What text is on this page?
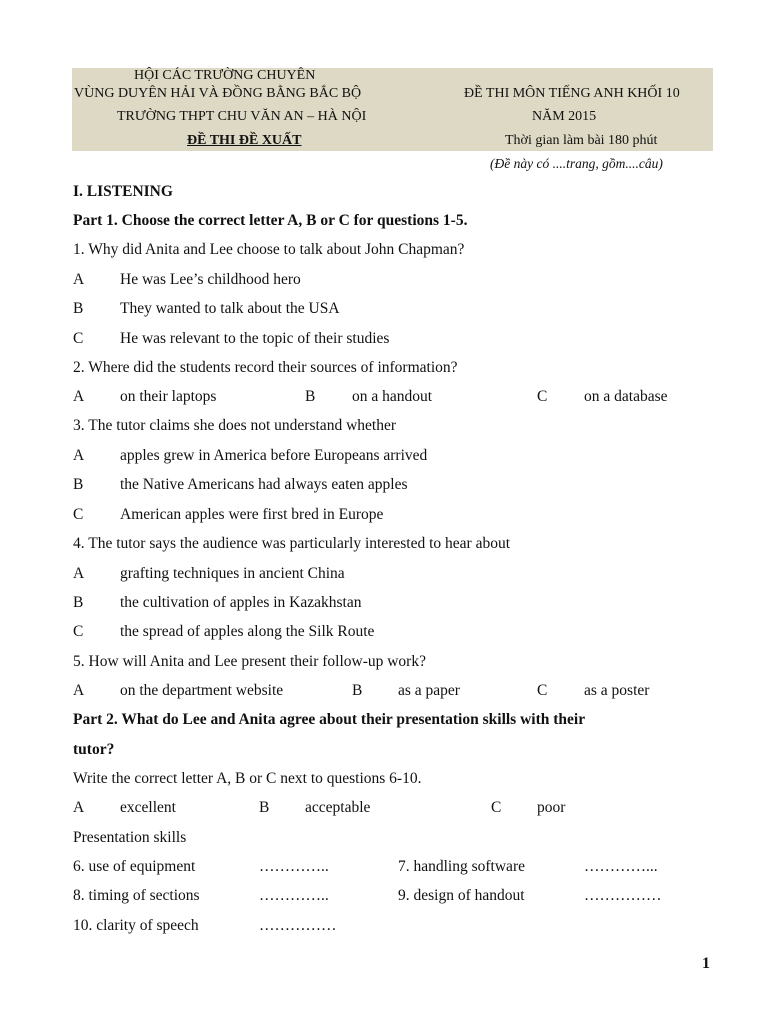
HỘI CÁC TRƯỜNG CHUYÊN
VÙNG DUYÊN HẢI VÀ ĐỒNG BẰNG BẮC BỘ
TRƯỜNG THPT CHU VĂN AN – HÀ NỘI
ĐỀ THI ĐỀ XUẤT
ĐỀ THI MÔN TIẾNG ANH KHỐI 10
NĂM 2015
Thời gian làm bài 180 phút
(Đề này có ....trang, gồm....câu)
I. LISTENING
Part 1. Choose the correct letter A, B or C for questions 1-5.
1. Why did Anita and Lee choose to talk about John Chapman?
A He was Lee’s childhood hero
B They wanted to talk about the USA
C He was relevant to the topic of their studies
2. Where did the students record their sources of information?
A on their laptops	B on a handout	C on a database
3. The tutor claims she does not understand whether
A apples grew in America before Europeans arrived
B the Native Americans had always eaten apples
C American apples were first bred in Europe
4. The tutor says the audience was particularly interested to hear about
A grafting techniques in ancient China
B the cultivation of apples in Kazakhstan
C the spread of apples along the Silk Route
5. How will Anita and Lee present their follow-up work?
A on the department website	B as a paper	C as a poster
Part 2. What do Lee and Anita agree about their presentation skills with their
tutor?
Write the correct letter A, B or C next to questions 6-10.
A excellent	B acceptable	C poor
Presentation skills
6. use of equipment	…………..	7. handling software	…………...
8. timing of sections	…………..	9. design of handout	……………
10. clarity of speech	……………
1
